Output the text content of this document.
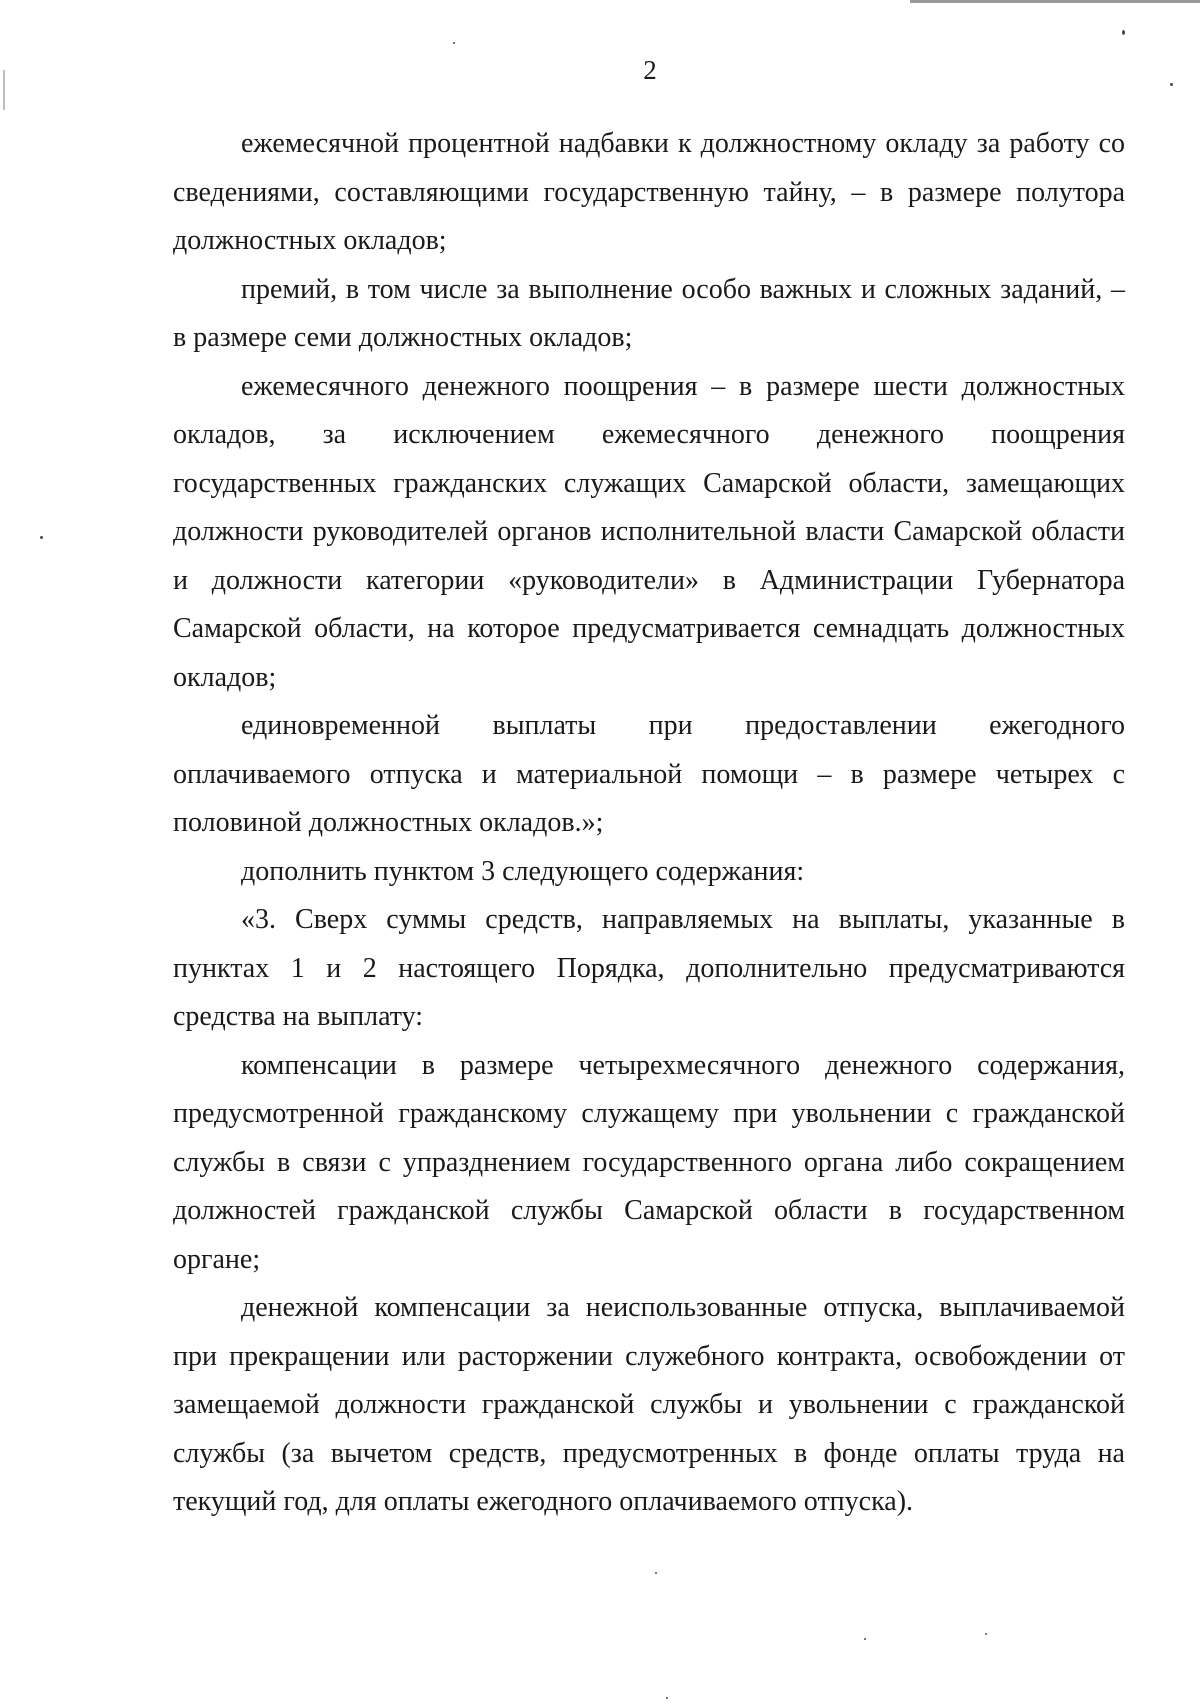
2

ежемесячной процентной надбавки к должностному окладу за работу со сведениями, составляющими государственную тайну, – в размере полутора должностных окладов;

премий, в том числе за выполнение особо важных и сложных заданий, – в размере семи должностных окладов;

ежемесячного денежного поощрения – в размере шести должностных окладов, за исключением ежемесячного денежного поощрения государственных гражданских служащих Самарской области, замещающих должности руководителей органов исполнительной власти Самарской области и должности категории «руководители» в Администрации Губернатора Самарской области, на которое предусматривается семнадцать должностных окладов;

единовременной выплаты при предоставлении ежегодного оплачиваемого отпуска и материальной помощи – в размере четырех с половиной должностных окладов.»;

дополнить пунктом 3 следующего содержания:

«3. Сверх суммы средств, направляемых на выплаты, указанные в пунктах 1 и 2 настоящего Порядка, дополнительно предусматриваются средства на выплату:

компенсации в размере четырехмесячного денежного содержания, предусмотренной гражданскому служащему при увольнении с гражданской службы в связи с упразднением государственного органа либо сокращением должностей гражданской службы Самарской области в государственном органе;

денежной компенсации за неиспользованные отпуска, выплачиваемой при прекращении или расторжении служебного контракта, освобождении от замещаемой должности гражданской службы и увольнении с гражданской службы (за вычетом средств, предусмотренных в фонде оплаты труда на текущий год, для оплаты ежегодного оплачиваемого отпуска).
